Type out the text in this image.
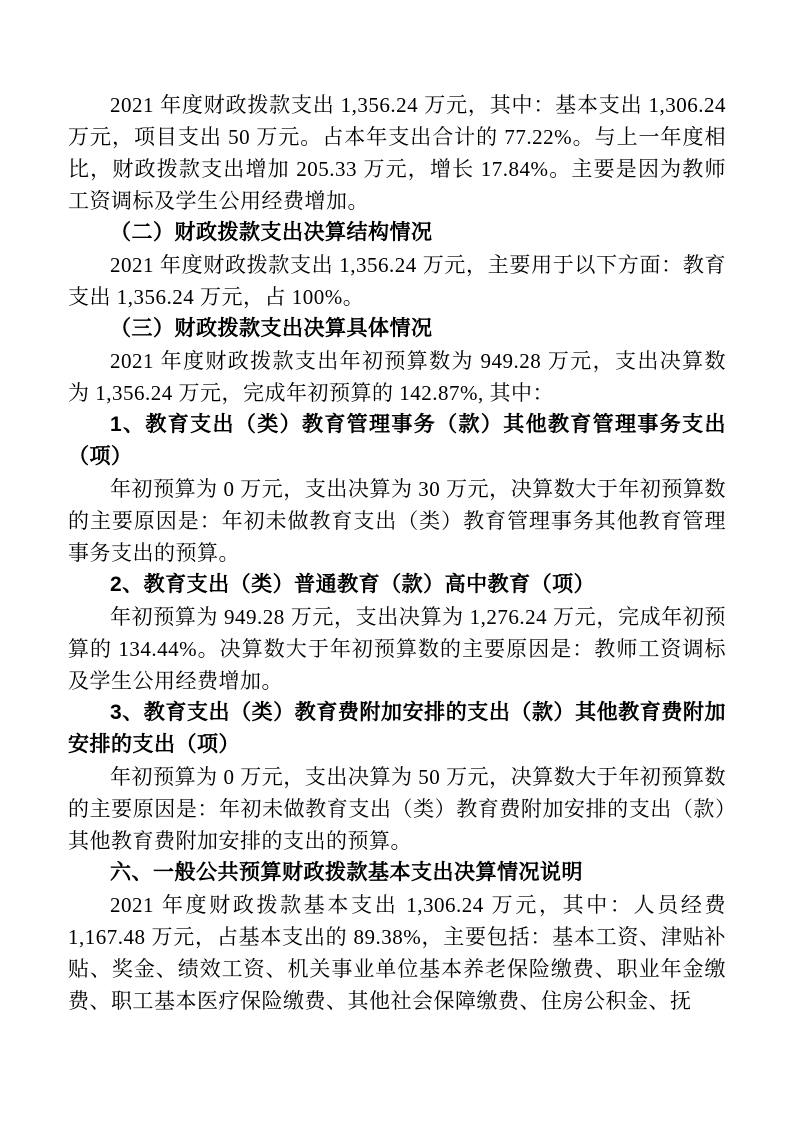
2021 年度财政拨款支出 1,356.24 万元，其中：基本支出 1,306.24 万元，项目支出 50 万元。占本年支出合计的 77.22%。与上一年度相比，财政拨款支出增加 205.33 万元，增长 17.84%。主要是因为教师工资调标及学生公用经费增加。

（二）财政拨款支出决算结构情况

2021 年度财政拨款支出 1,356.24 万元，主要用于以下方面：教育支出 1,356.24 万元，占 100%。

（三）财政拨款支出决算具体情况

2021 年度财政拨款支出年初预算数为 949.28 万元，支出决算数为 1,356.24 万元，完成年初预算的 142.87%, 其中：

1、教育支出（类）教育管理事务（款）其他教育管理事务支出（项）

年初预算为 0 万元，支出决算为 30 万元，决算数大于年初预算数的主要原因是：年初未做教育支出（类）教育管理事务其他教育管理事务支出的预算。

2、教育支出（类）普通教育（款）高中教育（项）

年初预算为 949.28 万元，支出决算为 1,276.24 万元，完成年初预算的 134.44%。决算数大于年初预算数的主要原因是：教师工资调标及学生公用经费增加。

3、教育支出（类）教育费附加安排的支出（款）其他教育费附加安排的支出（项）

年初预算为 0 万元，支出决算为 50 万元，决算数大于年初预算数的主要原因是：年初未做教育支出（类）教育费附加安排的支出（款）其他教育费附加安排的支出的预算。

六、一般公共预算财政拨款基本支出决算情况说明

2021 年度财政拨款基本支出 1,306.24 万元，其中：人员经费 1,167.48 万元，占基本支出的 89.38%，主要包括：基本工资、津贴补贴、奖金、绩效工资、机关事业单位基本养老保险缴费、职业年金缴费、职工基本医疗保险缴费、其他社会保障缴费、住房公积金、抚
